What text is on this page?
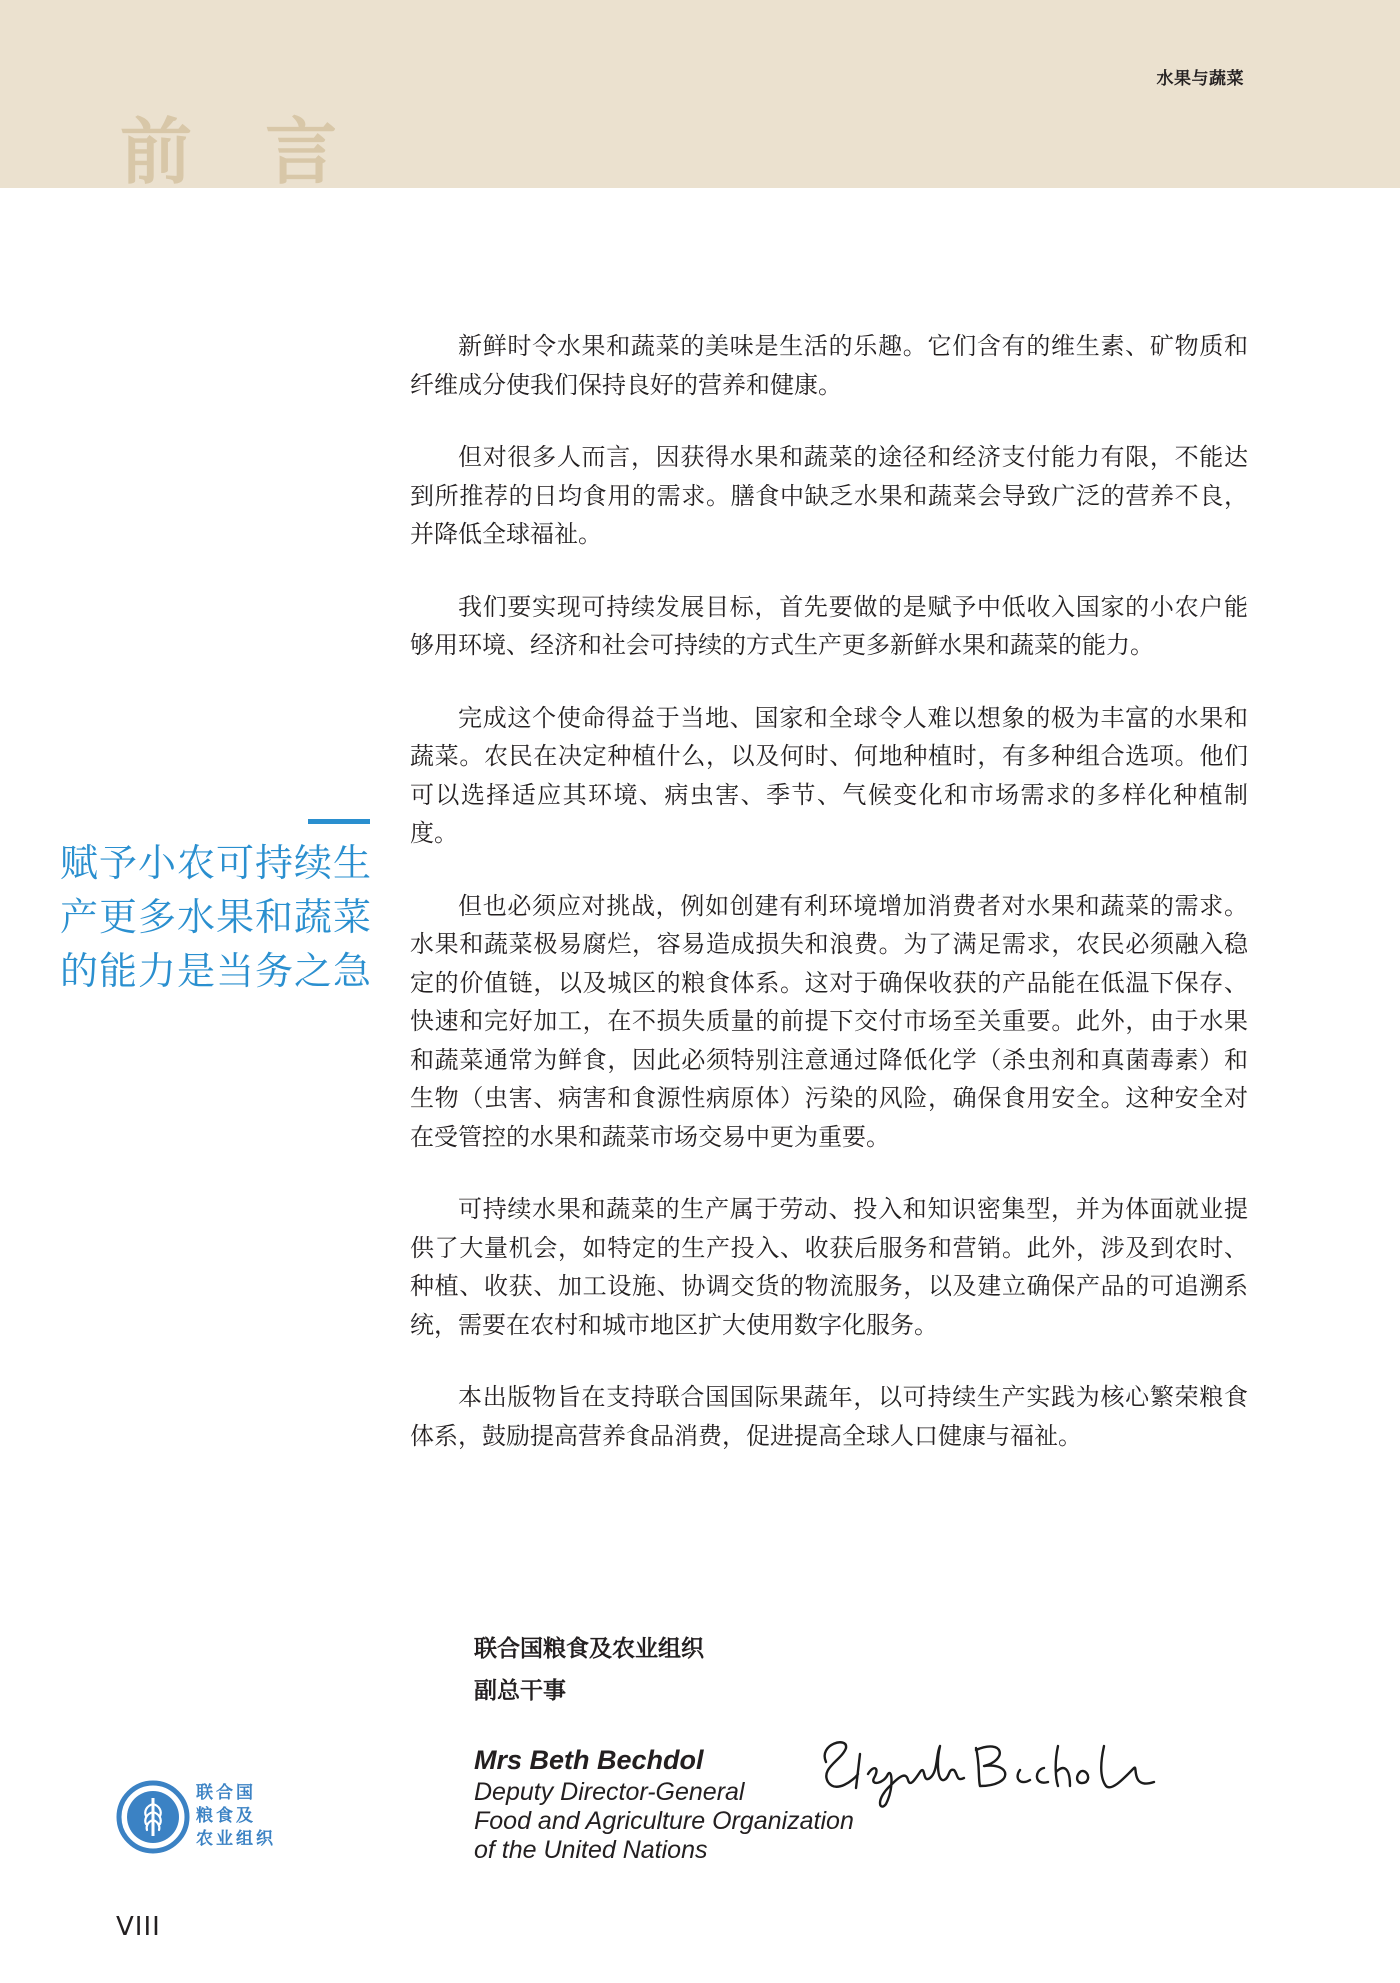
水果与蔬菜
前 言
赋予小农可持续生
产更多水果和蔬菜
的能力是当务之急

新鲜时令水果和蔬菜的美味是生活的乐趣。它们含有的维生素、矿物质和纤维成分使我们保持良好的营养和健康。

但对很多人而言，因获得水果和蔬菜的途径和经济支付能力有限，不能达到所推荐的日均食用的需求。膳食中缺乏水果和蔬菜会导致广泛的营养不良，并降低全球福祉。

我们要实现可持续发展目标，首先要做的是赋予中低收入国家的小农户能够用环境、经济和社会可持续的方式生产更多新鲜水果和蔬菜的能力。

完成这个使命得益于当地、国家和全球令人难以想象的极为丰富的水果和蔬菜。农民在决定种植什么，以及何时、何地种植时，有多种组合选项。他们可以选择适应其环境、病虫害、季节、气候变化和市场需求的多样化种植制度。

但也必须应对挑战，例如创建有利环境增加消费者对水果和蔬菜的需求。水果和蔬菜极易腐烂，容易造成损失和浪费。为了满足需求，农民必须融入稳定的价值链，以及城区的粮食体系。这对于确保收获的产品能在低温下保存、快速和完好加工，在不损失质量的前提下交付市场至关重要。此外，由于水果和蔬菜通常为鲜食，因此必须特别注意通过降低化学（杀虫剂和真菌毒素）和生物（虫害、病害和食源性病原体）污染的风险，确保食用安全。这种安全对在受管控的水果和蔬菜市场交易中更为重要。

可持续水果和蔬菜的生产属于劳动、投入和知识密集型，并为体面就业提供了大量机会，如特定的生产投入、收获后服务和营销。此外，涉及到农时、种植、收获、加工设施、协调交货的物流服务，以及建立确保产品的可追溯系统，需要在农村和城市地区扩大使用数字化服务。

本出版物旨在支持联合国国际果蔬年，以可持续生产实践为核心繁荣粮食体系，鼓励提高营养食品消费，促进提高全球人口健康与福祉。

联合国粮食及农业组织
副总干事
Mrs Beth Bechdol
Deputy Director-General
Food and Agriculture Organization
of the United Nations
联合国
粮食及
农业组织
VIII
